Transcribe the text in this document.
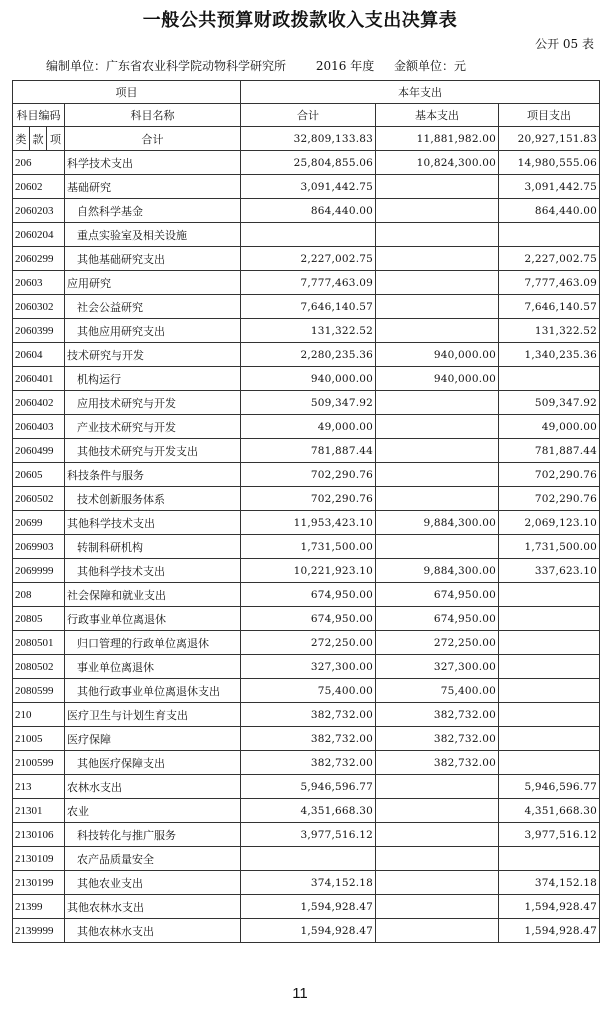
一般公共预算财政拨款收入支出决算表
公开 05 表
编制单位：广东省农业科学院动物科学研究所 2016 年度 金额单位：元
项目				本年支出		
科目编码			科目名称	合计	基本支出	项目支出
类	款	项	合计	32,809,133.83	11,881,982.00	20,927,151.83
206			科学技术支出	25,804,855.06	10,824,300.00	14,980,555.06
20602			基础研究	3,091,442.75		3,091,442.75
2060203			自然科学基金	864,440.00		864,440.00
2060204			重点实验室及相关设施			
2060299			其他基础研究支出	2,227,002.75		2,227,002.75
20603			应用研究	7,777,463.09		7,777,463.09
2060302			社会公益研究	7,646,140.57		7,646,140.57
2060399			其他应用研究支出	131,322.52		131,322.52
20604			技术研究与开发	2,280,235.36	940,000.00	1,340,235.36
2060401			机构运行	940,000.00	940,000.00	
2060402			应用技术研究与开发	509,347.92		509,347.92
2060403			产业技术研究与开发	49,000.00		49,000.00
2060499			其他技术研究与开发支出	781,887.44		781,887.44
20605			科技条件与服务	702,290.76		702,290.76
2060502			技术创新服务体系	702,290.76		702,290.76
20699			其他科学技术支出	11,953,423.10	9,884,300.00	2,069,123.10
2069903			转制科研机构	1,731,500.00		1,731,500.00
2069999			其他科学技术支出	10,221,923.10	9,884,300.00	337,623.10
208			社会保障和就业支出	674,950.00	674,950.00	
20805			行政事业单位离退休	674,950.00	674,950.00	
2080501			归口管理的行政单位离退休	272,250.00	272,250.00	
2080502			事业单位离退休	327,300.00	327,300.00	
2080599			其他行政事业单位离退休支出	75,400.00	75,400.00	
210			医疗卫生与计划生育支出	382,732.00	382,732.00	
21005			医疗保障	382,732.00	382,732.00	
2100599			其他医疗保障支出	382,732.00	382,732.00	
213			农林水支出	5,946,596.77		5,946,596.77
21301			农业	4,351,668.30		4,351,668.30
2130106			科技转化与推广服务	3,977,516.12		3,977,516.12
2130109			农产品质量安全			
2130199			其他农业支出	374,152.18		374,152.18
21399			其他农林水支出	1,594,928.47		1,594,928.47
2139999			其他农林水支出	1,594,928.47		1,594,928.47
11
